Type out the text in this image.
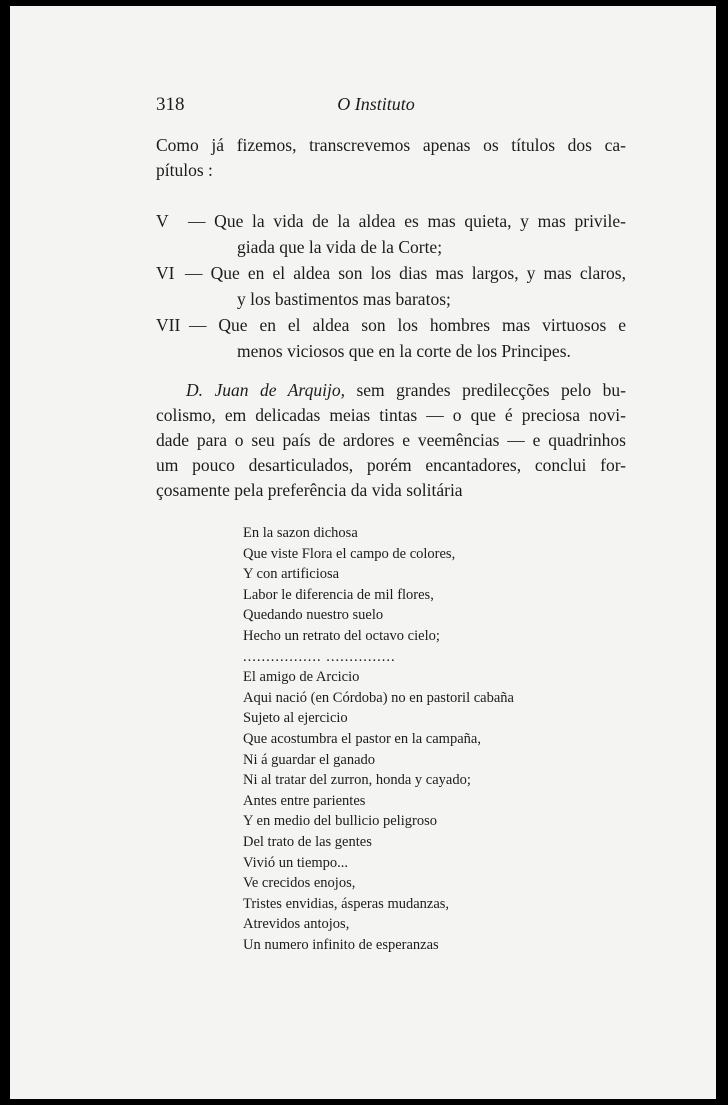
318	O Instituto
Como já fizemos, transcrevemos apenas os títulos dos ca-
pítulos :
V	— Que la vida de la aldea es mas quieta, y mas privile-
giada que la vida de la Corte;
VI — Que en el aldea son los dias mas largos, y mas claros,
y los bastimentos mas baratos;
VII — Que en el aldea son los hombres mas virtuosos e
menos viciosos que en la corte de los Principes.
D. Juan de Arquijo, sem grandes predilecções pelo bu-
colismo, em delicadas meias tintas — o que é preciosa novi-
dade para o seu país de ardores e veemências — e quadrinhos
um pouco desarticulados, porém encantadores, conclui for-
çosamente pela preferência da vida solitária
En la sazon dichosa
Que viste Flora el campo de colores,
Y con artificiosa
Labor le diferencia de mil flores,
Quedando nuestro suelo
Hecho un retrato del octavo cielo;
................. ...............
El amigo de Arcicio
Aqui nació (en Córdoba) no en pastoril cabaña
Sujeto al ejercicio
Que acostumbra el pastor en la campaña,
Ni á guardar el ganado
Ni al tratar del zurron, honda y cayado;
Antes entre parientes
Y en medio del bullicio peligroso
Del trato de las gentes
Vivió un tiempo...
Ve crecidos enojos,
Tristes envidias, ásperas mudanzas,
Atrevidos antojos,
Un numero infinito de esperanzas
